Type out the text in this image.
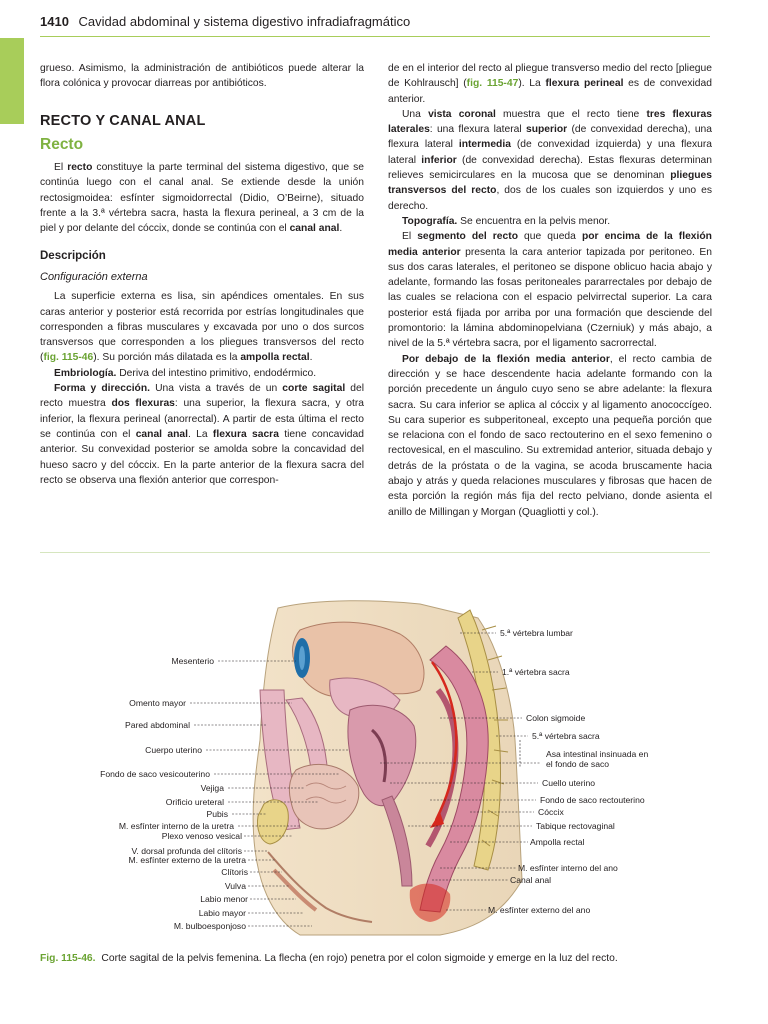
1410 Cavidad abdominal y sistema digestivo infradiafragmático

grueso. Asimismo, la administración de antibióticos puede alterar la flora colónica y provocar diarreas por antibióticos.

RECTO Y CANAL ANAL
Recto

El recto constituye la parte terminal del sistema digestivo, que se continúa luego con el canal anal. Se extiende desde la unión rectosigmoidea: esfínter sigmoidorrectal (Didio, O’Beirne), situado frente a la 3.ª vértebra sacra, hasta la flexura perineal, a 3 cm de la piel y por delante del cóccix, donde se continúa con el canal anal.

Descripción
Configuración externa

La superficie externa es lisa, sin apéndices omentales. En sus caras anterior y posterior está recorrida por estrías longitudinales que corresponden a fibras musculares y excavada por uno o dos surcos transversos que corresponden a los pliegues transversos del recto (fig. 115-46). Su porción más dilatada es la ampolla rectal.

Embriología. Deriva del intestino primitivo, endodérmico.

Forma y dirección. Una vista a través de un corte sagital del recto muestra dos flexuras: una superior, la flexura sacra, y otra inferior, la flexura perineal (anorrectal). A partir de esta última el recto se continúa con el canal anal. La flexura sacra tiene concavidad anterior. Su convexidad posterior se amolda sobre la concavidad del hueso sacro y del cóccix. En la parte anterior de la flexura sacra del recto se observa una flexión anterior que correspon-

de en el interior del recto al pliegue transverso medio del recto [pliegue de Kohlrausch] (fig. 115-47). La flexura perineal es de convexidad anterior.

Una vista coronal muestra que el recto tiene tres flexuras laterales: una flexura lateral superior (de convexidad derecha), una flexura lateral intermedia (de convexidad izquierda) y una flexura lateral inferior (de convexidad derecha). Estas flexuras determinan relieves semicirculares en la mucosa que se denominan pliegues transversos del recto, dos de los cuales son izquierdos y uno es derecho.

Topografía. Se encuentra en la pelvis menor.

El segmento del recto que queda por encima de la flexión media anterior presenta la cara anterior tapizada por peritoneo. En sus dos caras laterales, el peritoneo se dispone oblicuo hacia abajo y adelante, formando las fosas peritoneales pararrectales por debajo de las cuales se relaciona con el espacio pelvirrectal superior. La cara posterior está fijada por arriba por una formación que desciende del promontorio: la lámina abdominopelviana (Czerniuk) y más abajo, a nivel de la 5.ª vértebra sacra, por el ligamento sacrorrectal.

Por debajo de la flexión media anterior, el recto cambia de dirección y se hace descendente hacia adelante formando con la porción precedente un ángulo cuyo seno se abre adelante: la flexura sacra. Su cara inferior se aplica al cóccix y al ligamento anococcígeo. Su cara superior es subperitoneal, excepto una pequeña porción que se relaciona con el fondo de saco rectouterino en el sexo femenino o rectovesical, en el masculino. Su extremidad anterior, situada debajo y detrás de la próstata o de la vagina, se acoda bruscamente hacia abajo y atrás y queda relaciones musculares y fibrosas que hacen de esta porción la región más fija del recto pelviano, donde asienta el anillo de Millingan y Morgan (Quagliotti y col.).

Mesenterio
Omento mayor
Pared abdominal
Cuerpo uterino
Fondo de saco vesicouterino
Vejiga
Orificio ureteral
Pubis
M. esfínter interno de la uretra
Plexo venoso vesical
V. dorsal profunda del clítoris
M. esfínter externo de la uretra
Clítoris
Vulva
Labio menor
Labio mayor
M. bulboesponjoso
5.ª vértebra lumbar
1.ª vértebra sacra
Colon sigmoide
5.ª vértebra sacra
Asa intestinal insinuada en el fondo de saco
Cuello uterino
Fondo de saco rectouterino
Cóccix
Tabique rectovaginal
Ampolla rectal
M. esfínter interno del ano
Canal anal
M. esfínter externo del ano
Fig. 115-46. Corte sagital de la pelvis femenina. La flecha (en rojo) penetra por el colon sigmoide y emerge en la luz del recto.
